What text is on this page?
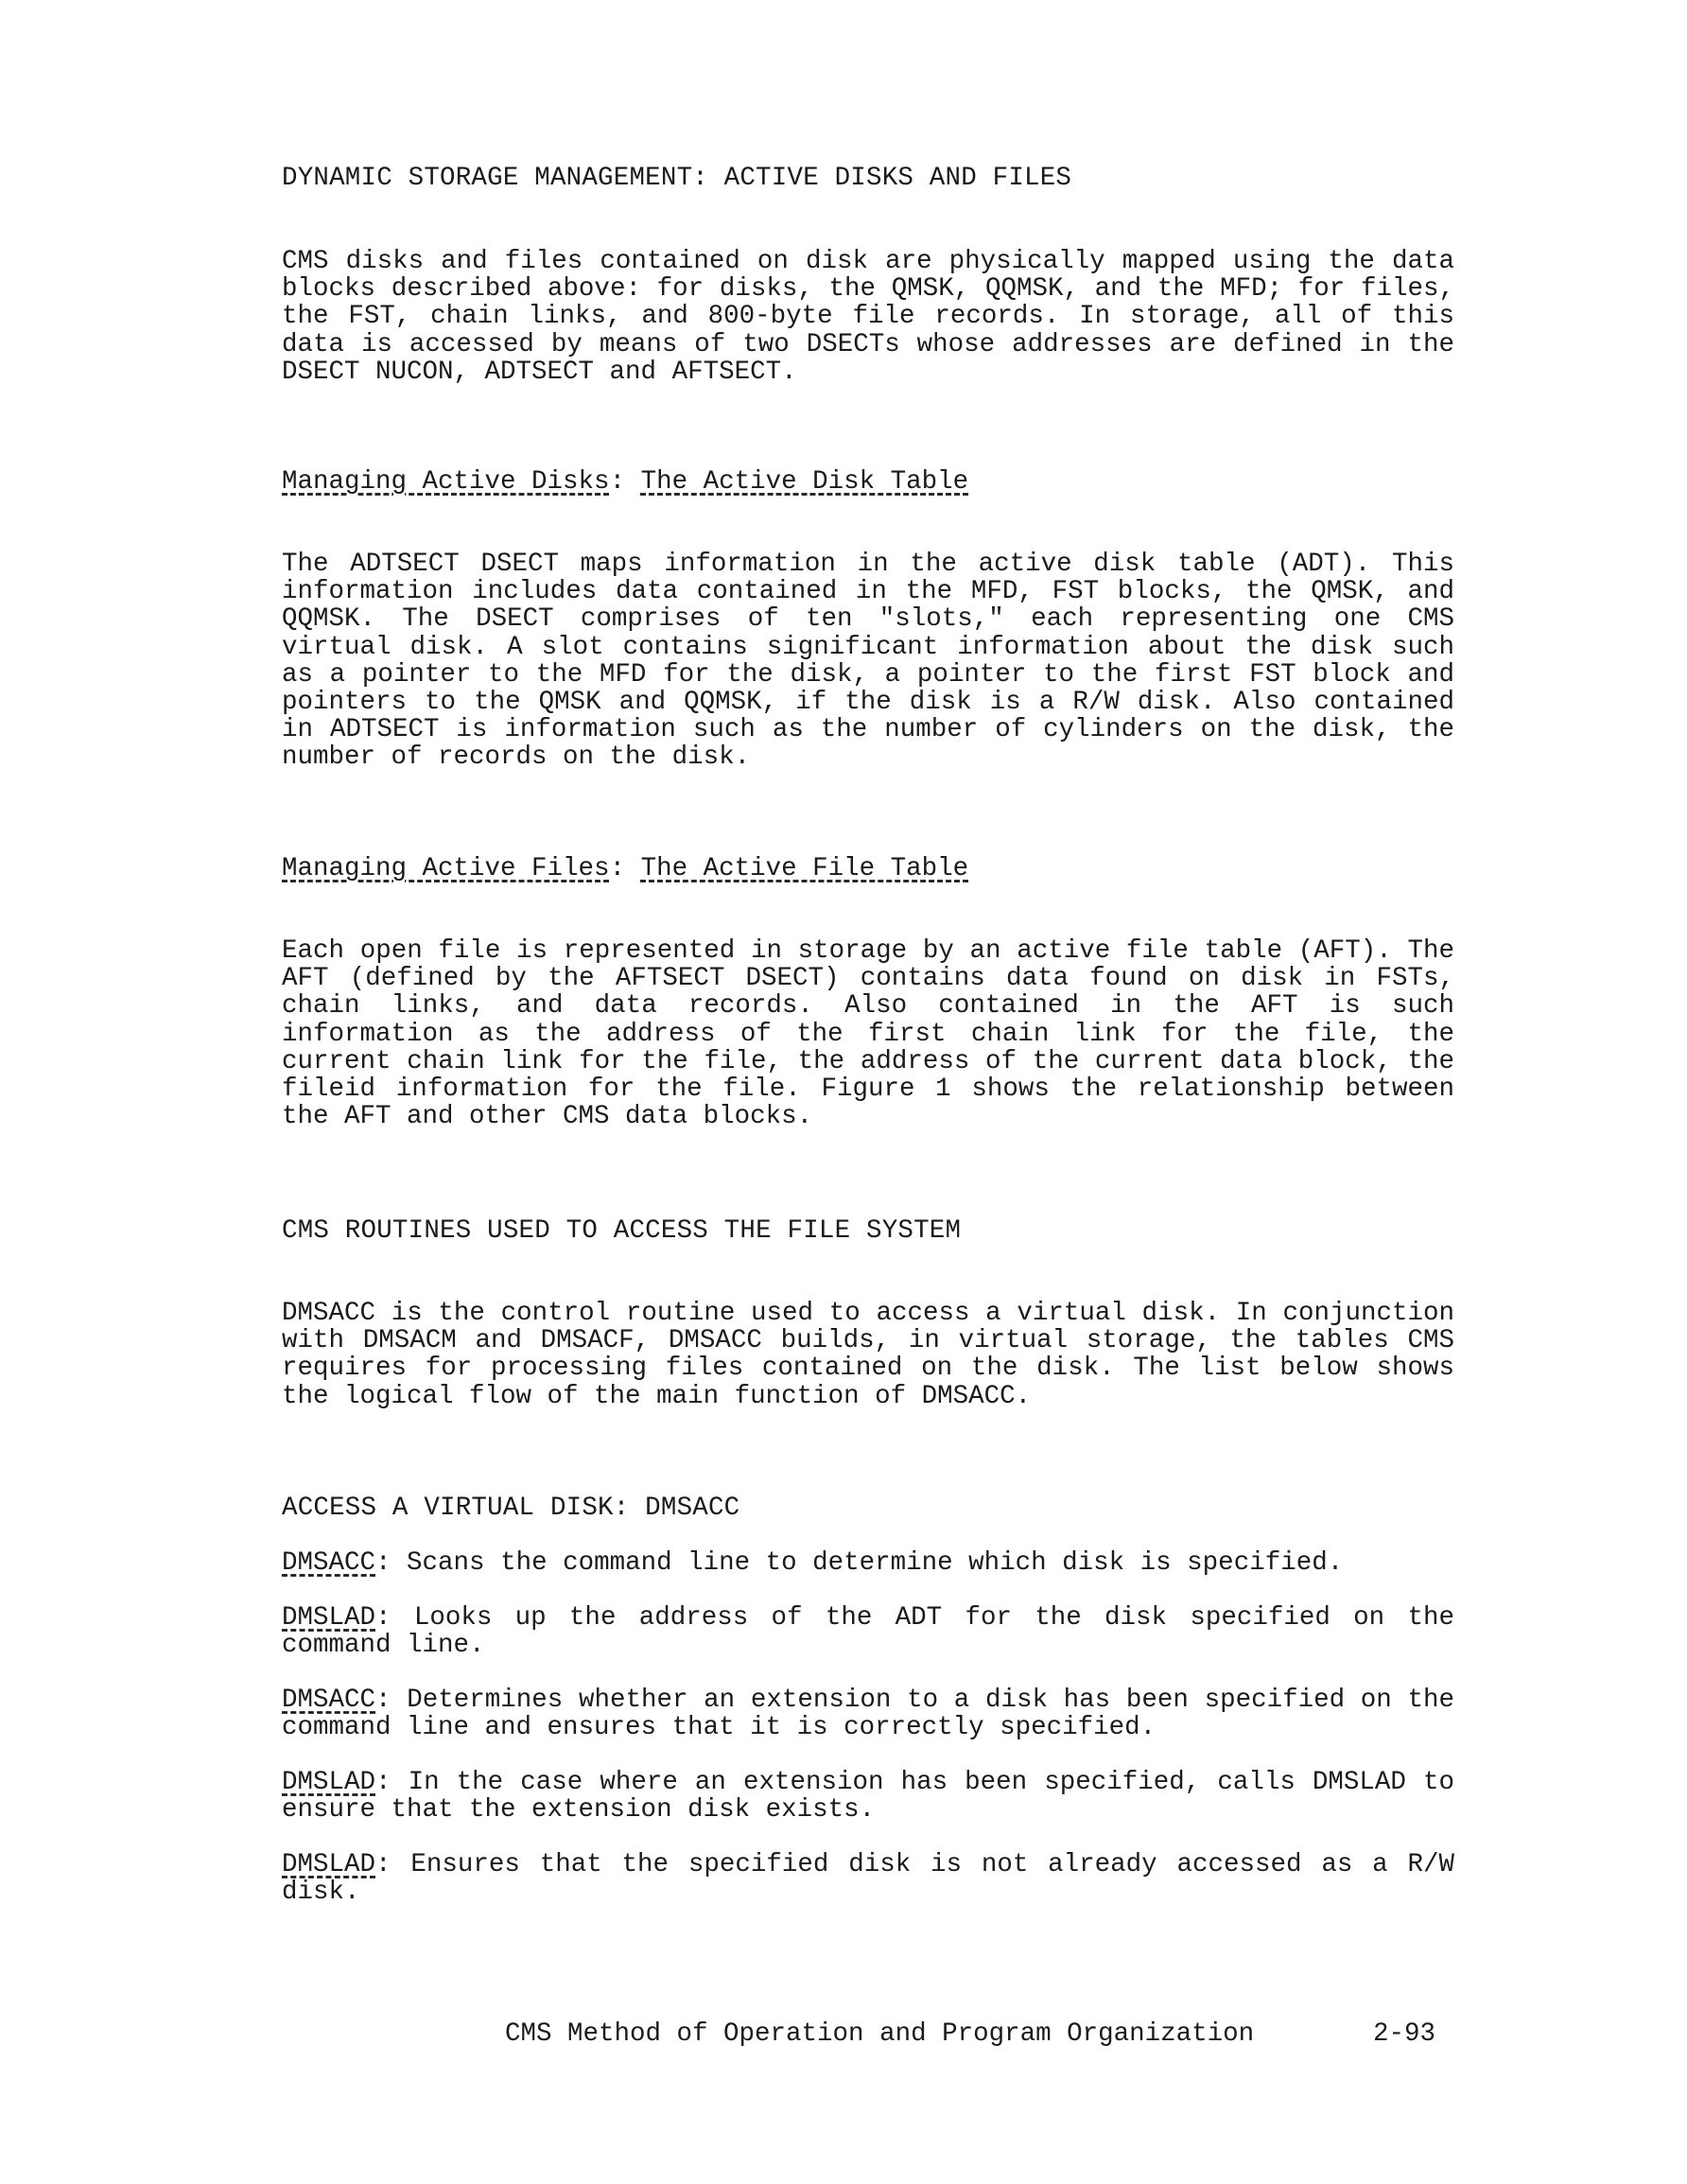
DYNAMIC STORAGE MANAGEMENT: ACTIVE DISKS AND FILES

CMS disks and files contained on disk are physically mapped using the data blocks described above: for disks, the QMSK, QQMSK, and the MFD; for files, the FST, chain links, and 800-byte file records. In storage, all of this data is accessed by means of two DSECTs whose addresses are defined in the DSECT NUCON, ADTSECT and AFTSECT.

Managing Active Disks: The Active Disk Table

The ADTSECT DSECT maps information in the active disk table (ADT). This information includes data contained in the MFD, FST blocks, the QMSK, and QQMSK. The DSECT comprises of ten "slots," each representing one CMS virtual disk. A slot contains significant information about the disk such as a pointer to the MFD for the disk, a pointer to the first FST block and pointers to the QMSK and QQMSK, if the disk is a R/W disk. Also contained in ADTSECT is information such as the number of cylinders on the disk, the number of records on the disk.

Managing Active Files: The Active File Table

Each open file is represented in storage by an active file table (AFT). The AFT (defined by the AFTSECT DSECT) contains data found on disk in FSTs, chain links, and data records. Also contained in the AFT is such information as the address of the first chain link for the file, the current chain link for the file, the address of the current data block, the fileid information for the file. Figure 1 shows the relationship between the AFT and other CMS data blocks.

CMS ROUTINES USED TO ACCESS THE FILE SYSTEM

DMSACC is the control routine used to access a virtual disk. In conjunction with DMSACM and DMSACF, DMSACC builds, in virtual storage, the tables CMS requires for processing files contained on the disk. The list below shows the logical flow of the main function of DMSACC.

ACCESS A VIRTUAL DISK: DMSACC

DMSACC: Scans the command line to determine which disk is specified.

DMSLAD: Looks up the address of the ADT for the disk specified on the command line.

DMSACC: Determines whether an extension to a disk has been specified on the command line and ensures that it is correctly specified.

DMSLAD: In the case where an extension has been specified, calls DMSLAD to ensure that the extension disk exists.

DMSLAD: Ensures that the specified disk is not already accessed as a R/W disk.

CMS Method of Operation and Program Organization	2-93
